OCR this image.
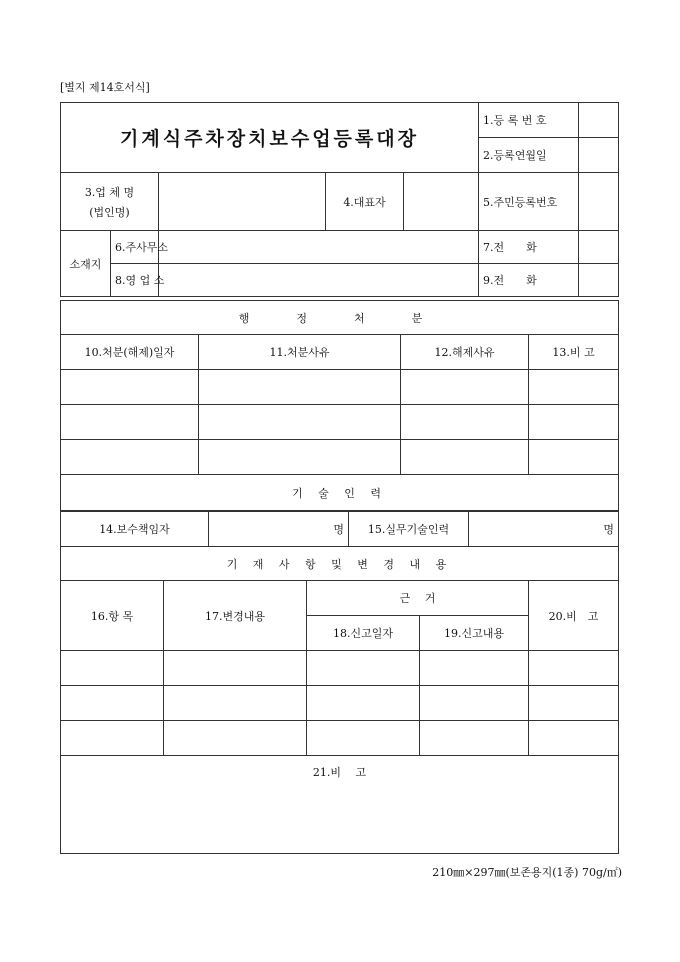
[별지 제14호서식]
기계식주차장치보수업등록대장					1.등 록 번 호	
					2.등록연월일	

3.업 체 명
(법인명)			4.대표자		5.주민등록번호	
소재지	6.주사무소				7.전　　화	
	8.영 업 소				9.전　　화	
행　정　처　분			
10.처분(해제)일자	11.처분사유	12.해제사유	13.비 고

기 술 인 력			
14.보수책임자	명	15.실무기술인력	명
기 재 사 항 및 변 경 내 용				
16.항 목	17.변경내용	근　 거		20.비　고
		18.신고일자	19.신고내용	

21.비　 고				
210㎜×297㎜(보존용지(1종) 70g/㎡)
